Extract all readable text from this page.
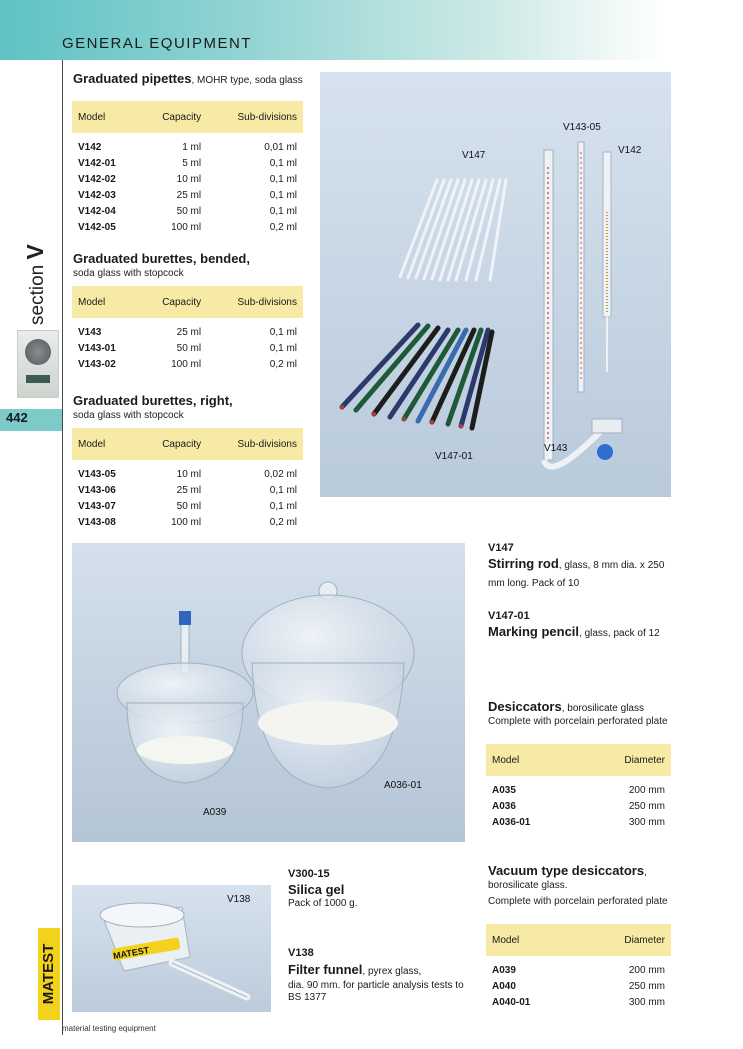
GENERAL EQUIPMENT
section V
442
MATEST
material testing equipment
Graduated pipettes, MOHR type, soda glass
Model	Capacity	Sub-divisions
V142	1 ml	0,01 ml
V142-01	5 ml	0,1 ml
V142-02	10 ml	0,1 ml
V142-03	25 ml	0,1 ml
V142-04	50 ml	0,1 ml
V142-05	100 ml	0,2 ml
Graduated burettes, bended,
soda glass with stopcock
Model	Capacity	Sub-divisions
V143	25 ml	0,1 ml
V143-01	50 ml	0,1 ml
V143-02	100 ml	0,2 ml
Graduated burettes, right,
soda glass with stopcock
Model	Capacity	Sub-divisions
V143-05	10 ml	0,02 ml
V143-06	25 ml	0,1 ml
V143-07	50 ml	0,1 ml
V143-08	100 ml	0,2 ml
V143-05
V147	V142
V147-01
V143
V147
Stirring rod, glass, 8 mm dia. x 250 mm long. Pack of 10
V147-01
Marking pencil, glass, pack of 12
A039
A036-01
Desiccators, borosilicate glass
Complete with porcelain perforated plate
Model	Diameter
A035	200 mm
A036	250 mm
A036-01	300 mm
Vacuum type desiccators,
borosilicate glass.
Complete with porcelain perforated plate
Model	Diameter
A039	200 mm
A040	250 mm
A040-01	300 mm
V300-15
Silica gel
Pack of 1000 g.
V138
Filter funnel, pyrex glass,
dia. 90 mm. for particle analysis tests to
BS 1377
MATEST
V138
